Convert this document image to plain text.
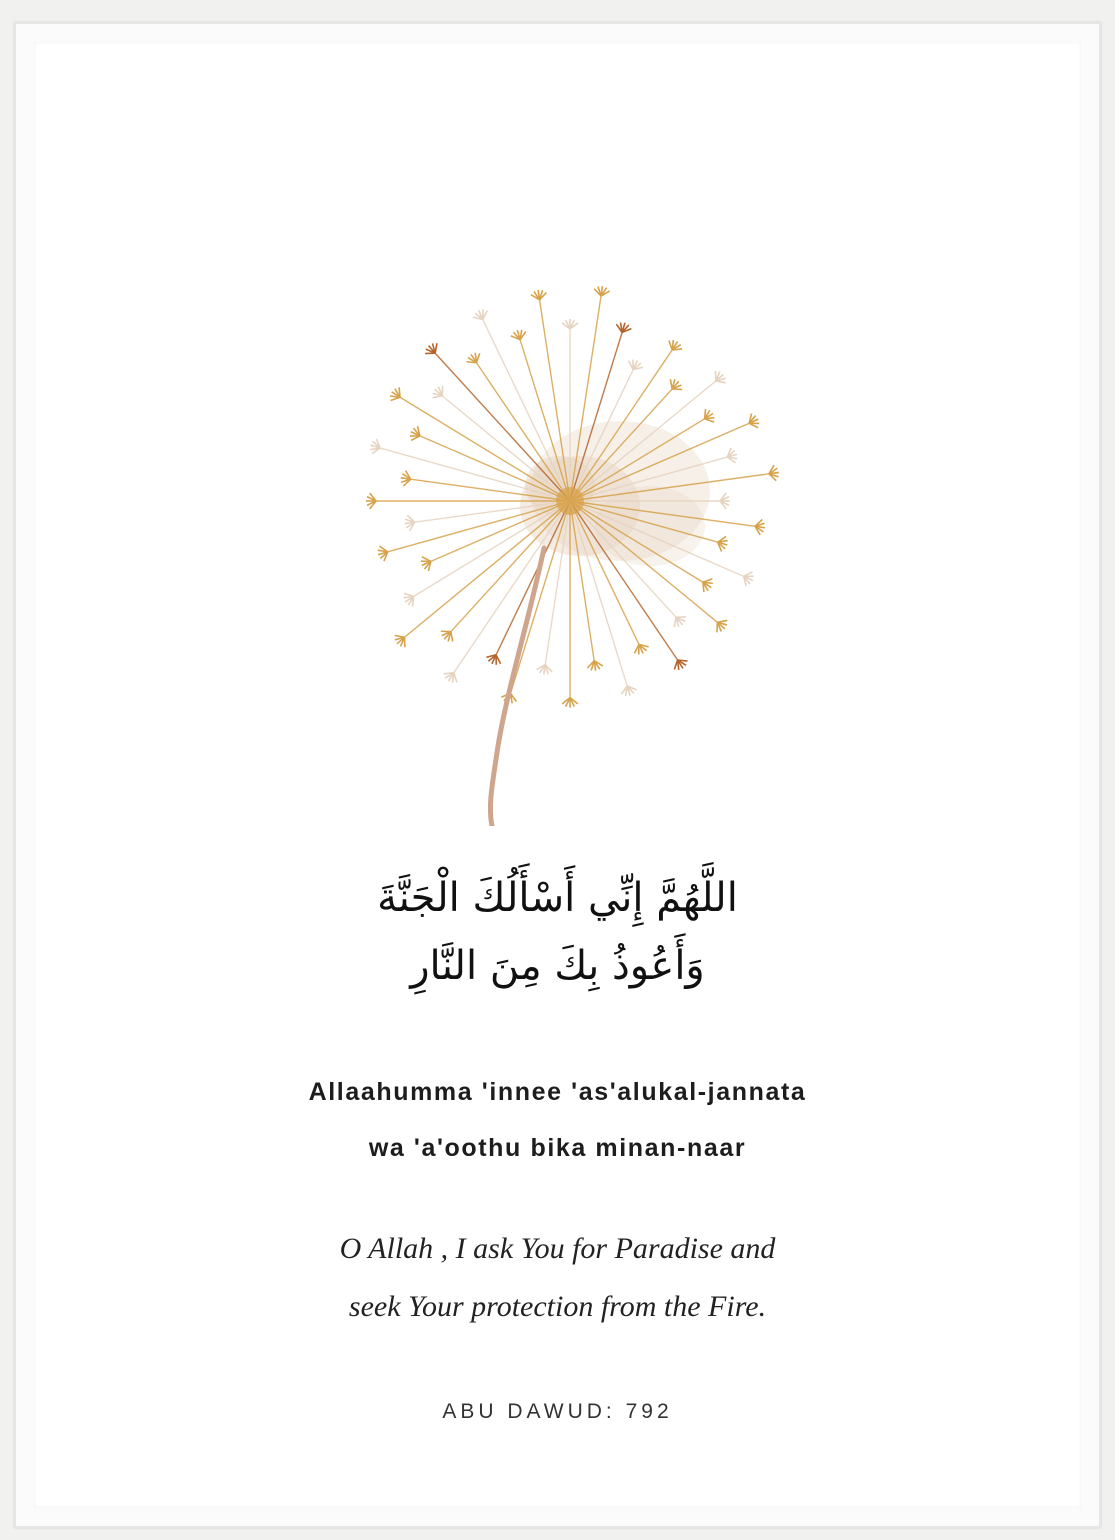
اللَّهُمَّ إِنِّي أَسْأَلُكَ الْجَنَّةَ
وَأَعُوذُ بِكَ مِنَ النَّارِ
Allaahumma 'innee 'as'alukal-jannata
wa 'a'oothu bika minan-naar
O Allah , I ask You for Paradise and
seek Your protection from the Fire.
ABU DAWUD: 792
